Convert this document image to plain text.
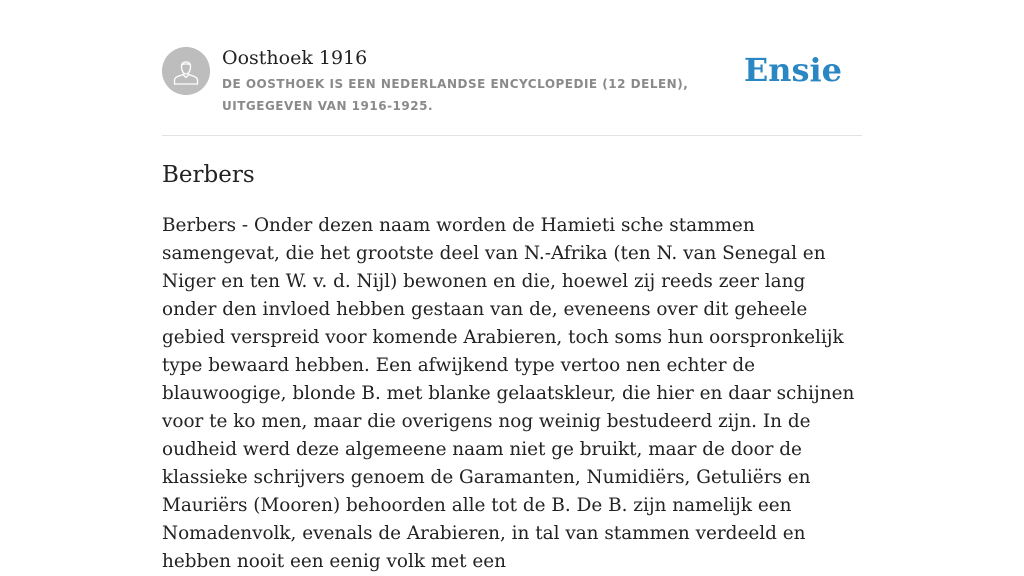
Oosthoek 1916
DE OOSTHOEK IS EEN NEDERLANDSE ENCYCLOPEDIE (12 DELEN), UITGEGEVEN VAN 1916-1925.
Ensie
Berbers

Berbers - Onder dezen naam worden de Hamieti sche stammen samengevat, die het grootste deel van N.-Afrika (ten N. van Senegal en Niger en ten W. v. d. Nijl) bewonen en die, hoewel zij reeds zeer lang onder den invloed hebben gestaan van de, eveneens over dit geheele gebied verspreid voor komende Arabieren, toch soms hun oorspronkelijk type bewaard hebben. Een afwijkend type vertoo nen echter de blauwoogige, blonde B. met blanke gelaatskleur, die hier en daar schijnen voor te ko men, maar die overigens nog weinig bestudeerd zijn. In de oudheid werd deze algemeene naam niet ge bruikt, maar de door de klassieke schrijvers genoem de Garamanten, Numidiërs, Getuliërs en Mauriërs (Mooren) behoorden alle tot de B. De B. zijn namelijk een Nomadenvolk, evenals de Arabieren, in tal van stammen verdeeld en hebben nooit een eenig volk met een
